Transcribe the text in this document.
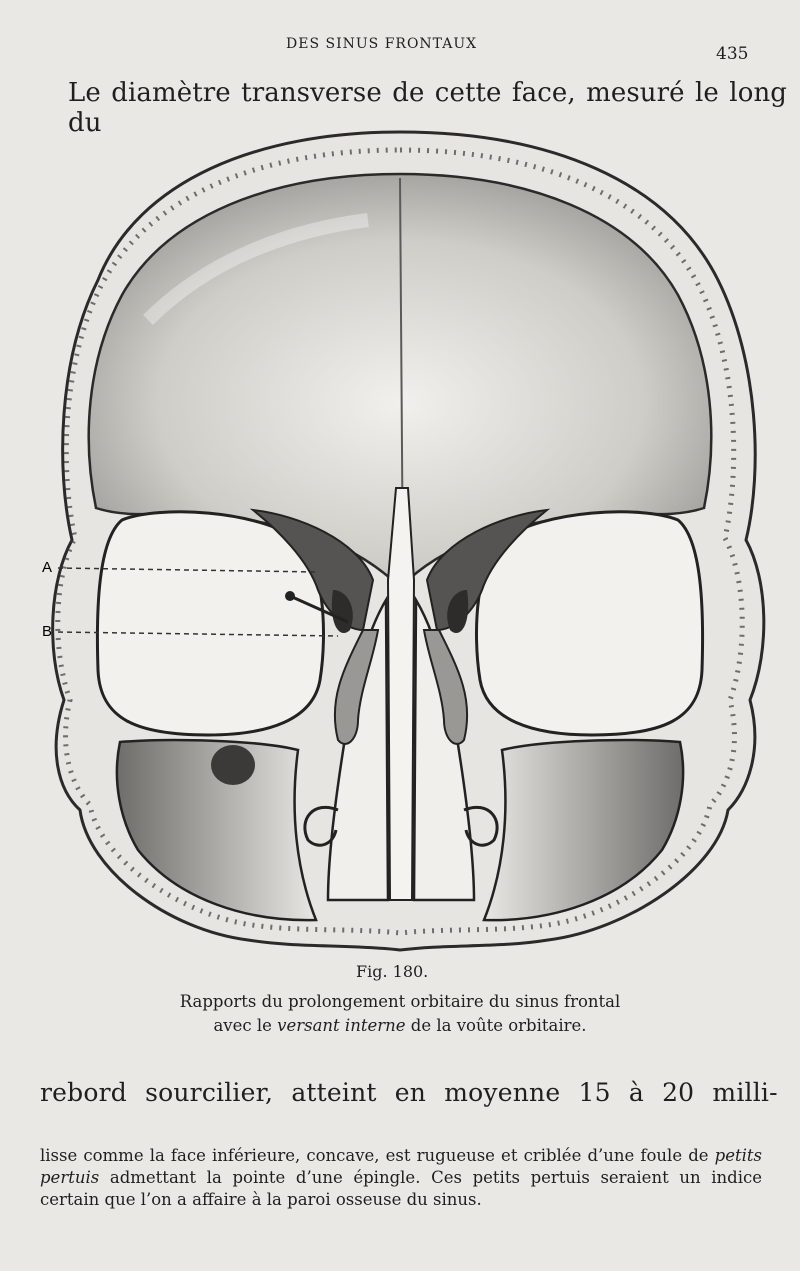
DES SINUS FRONTAUX	435
Le diamètre transverse de cette face, mesuré le long du
A
B
Fig. 180.
Rapports du prolongement orbitaire du sinus frontal
avec le versant interne de la voûte orbitaire.
rebord sourcilier, atteint en moyenne 15 à 20 milli-
lisse comme la face inférieure, concave, est rugueuse et criblée d’une foule de petits pertuis admettant la pointe d’une épingle. Ces petits pertuis seraient un indice certain que l’on a affaire à la paroi osseuse du sinus.
